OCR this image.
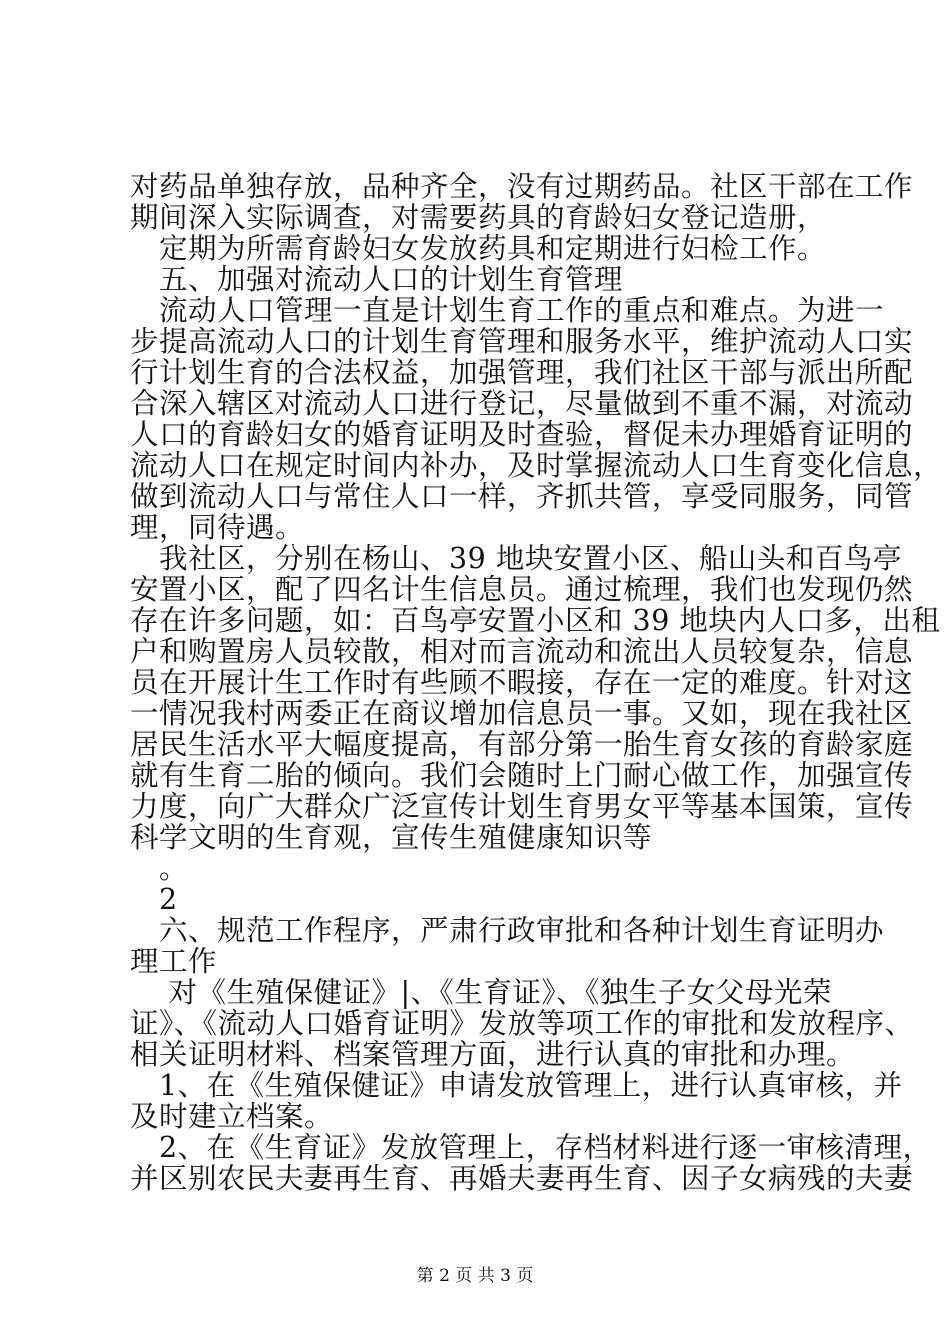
对药品单独存放，品种齐全，没有过期药品。社区干部在工作
期间深入实际调查，对需要药具的育龄妇女登记造册，
　定期为所需育龄妇女发放药具和定期进行妇检工作。
　五、加强对流动人口的计划生育管理
　流动人口管理一直是计划生育工作的重点和难点。为进一
步提高流动人口的计划生育管理和服务水平，维护流动人口实
行计划生育的合法权益，加强管理，我们社区干部与派出所配
合深入辖区对流动人口进行登记，尽量做到不重不漏，对流动
人口的育龄妇女的婚育证明及时查验，督促未办理婚育证明的
流动人口在规定时间内补办，及时掌握流动人口生育变化信息，
做到流动人口与常住人口一样，齐抓共管，享受同服务，同管
理，同待遇。
　我社区，分别在杨山、39 地块安置小区、船山头和百鸟亭
安置小区，配了四名计生信息员。通过梳理，我们也发现仍然
存在许多问题，如：百鸟亭安置小区和 39 地块内人口多，出租
户和购置房人员较散，相对而言流动和流出人员较复杂，信息
员在开展计生工作时有些顾不暇接，存在一定的难度。针对这
一情况我村两委正在商议增加信息员一事。又如，现在我社区
居民生活水平大幅度提高，有部分第一胎生育女孩的育龄家庭
就有生育二胎的倾向。我们会随时上门耐心做工作，加强宣传
力度，向广大群众广泛宣传计划生育男女平等基本国策，宣传
科学文明的生育观，宣传生殖健康知识等
　。
　2
　六、规范工作程序，严肃行政审批和各种计划生育证明办
理工作
　 对《生殖保健证》|、《生育证》、《独生子女父母光荣
证》、《流动人口婚育证明》发放等项工作的审批和发放程序、
相关证明材料、档案管理方面，进行认真的审批和办理。
　1、在《生殖保健证》申请发放管理上，进行认真审核，并
及时建立档案。
　2、在《生育证》发放管理上，存档材料进行逐一审核清理，
并区别农民夫妻再生育、再婚夫妻再生育、因子女病残的夫妻
第 2 页 共 3 页
